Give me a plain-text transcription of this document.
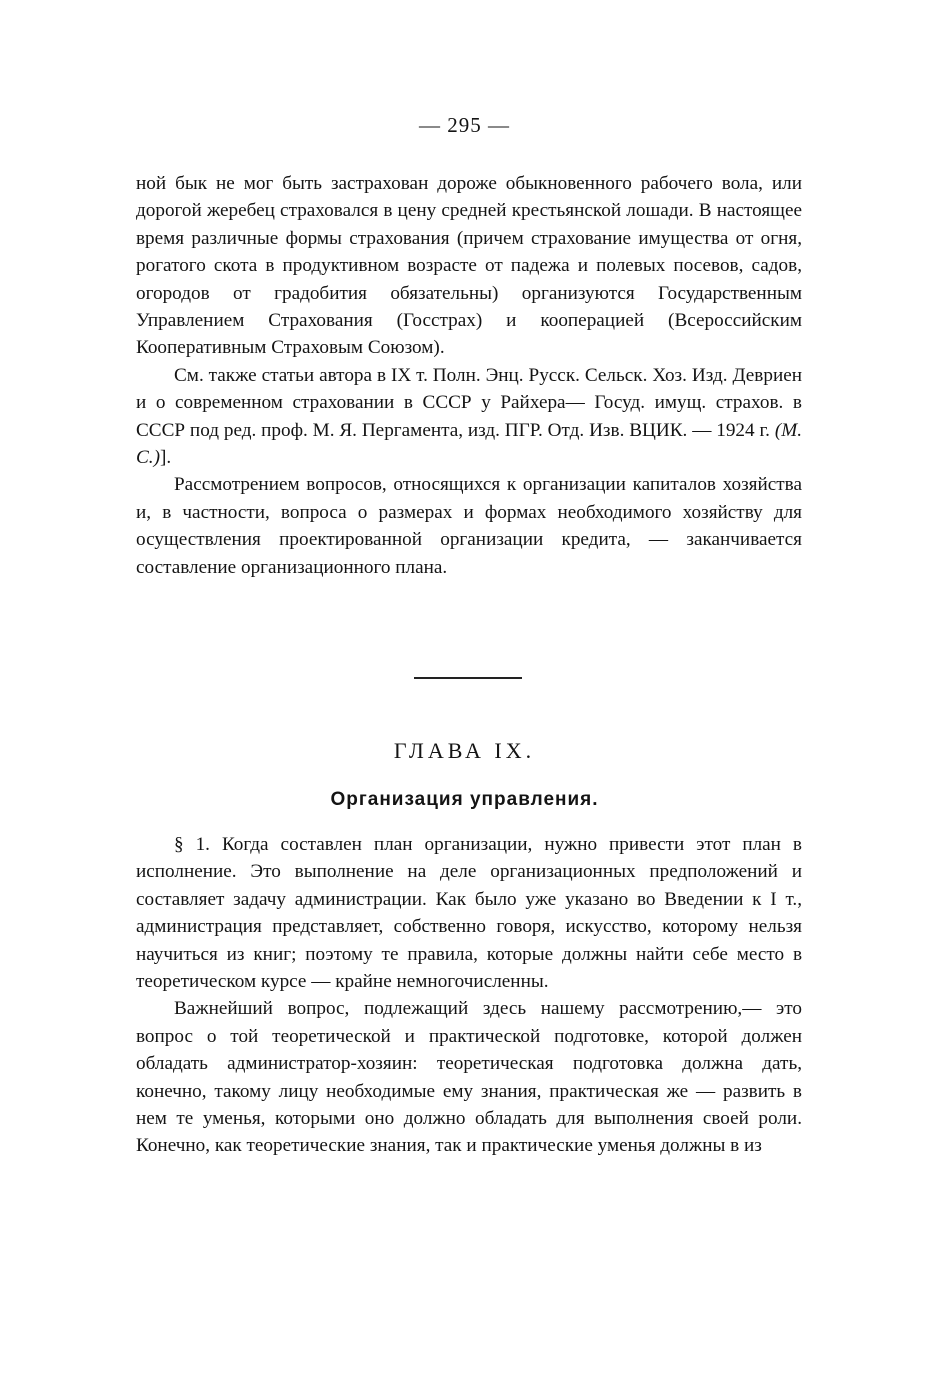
— 295 —

ной бык не мог быть застрахован дороже обыкновенного рабочего вола, или дорогой жеребец страховался в цену средней крестьянской лошади. В настоящее время различные формы страхования (причем страхование имущества от огня, рогатого скота в продуктивном возрасте от падежа и полевых посевов, садов, огородов от градобития обязательны) организуются Государственным Управлением Страхования (Госстрах) и кооперацией (Всероссийским Кооперативным Страховым Союзом).

См. также статьи автора в IX т. Полн. Энц. Русск. Сельск. Хоз. Изд. Девриен и о современном страховании в СССР у Райхера— Госуд. имущ. страхов. в СССР под ред. проф. М. Я. Пергамента, изд. ПГР. Отд. Изв. ВЦИК. — 1924 г. (М. С.)].

Рассмотрением вопросов, относящихся к организации капиталов хозяйства и, в частности, вопроса о размерах и формах необходимого хозяйству для осуществления проектированной организации кредита, — заканчивается составление организационного плана.

ГЛАВА IX.
Организация управления.

§ 1. Когда составлен план организации, нужно привести этот план в исполнение. Это выполнение на деле организационных предположений и составляет задачу администрации. Как было уже указано во Введении к I т., администрация представляет, собственно говоря, искусство, которому нельзя научиться из книг; поэтому те правила, которые должны найти себе место в теоретическом курсе — крайне немногочисленны.

Важнейший вопрос, подлежащий здесь нашему рассмотрению,— это вопрос о той теоретической и практической подготовке, которой должен обладать администратор-хозяин: теоретическая подготовка должна дать, конечно, такому лицу необходимые ему знания, практическая же — развить в нем те уменья, которыми оно должно обладать для выполнения своей роли. Конечно, как теоретические знания, так и практические уменья должны в из
